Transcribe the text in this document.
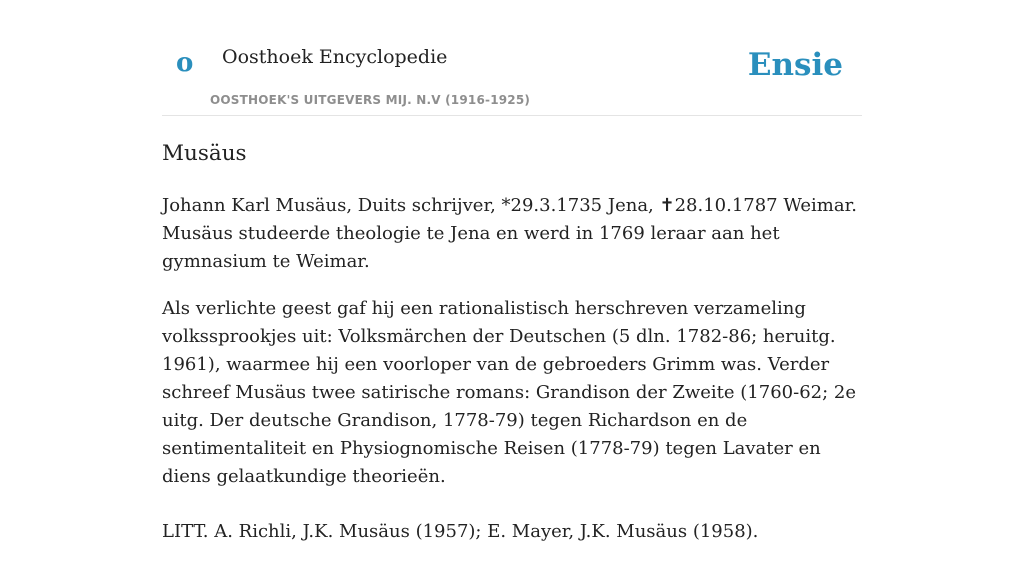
o Oosthoek Encyclopedie
OOSTHOEK'S UITGEVERS MIJ. N.V (1916-1925)
Ensie
Musäus

Johann Karl Musäus, Duits schrijver, *29.3.1735 Jena, ✝28.10.1787 Weimar. Musäus studeerde theologie te Jena en werd in 1769 leraar aan het gymnasium te Weimar.

Als verlichte geest gaf hij een rationalistisch herschreven verzameling volkssprookjes uit: Volksmärchen der Deutschen (5 dln. 1782-86; heruitg. 1961), waarmee hij een voorloper van de gebroeders Grimm was. Verder schreef Musäus twee satirische romans: Grandison der Zweite (1760-62; 2e uitg. Der deutsche Grandison, 1778-79) tegen Richardson en de sentimentaliteit en Physiognomische Reisen (1778-79) tegen Lavater en diens gelaatkundige theorieën.

LITT. A. Richli, J.K. Musäus (1957); E. Mayer, J.K. Musäus (1958).
